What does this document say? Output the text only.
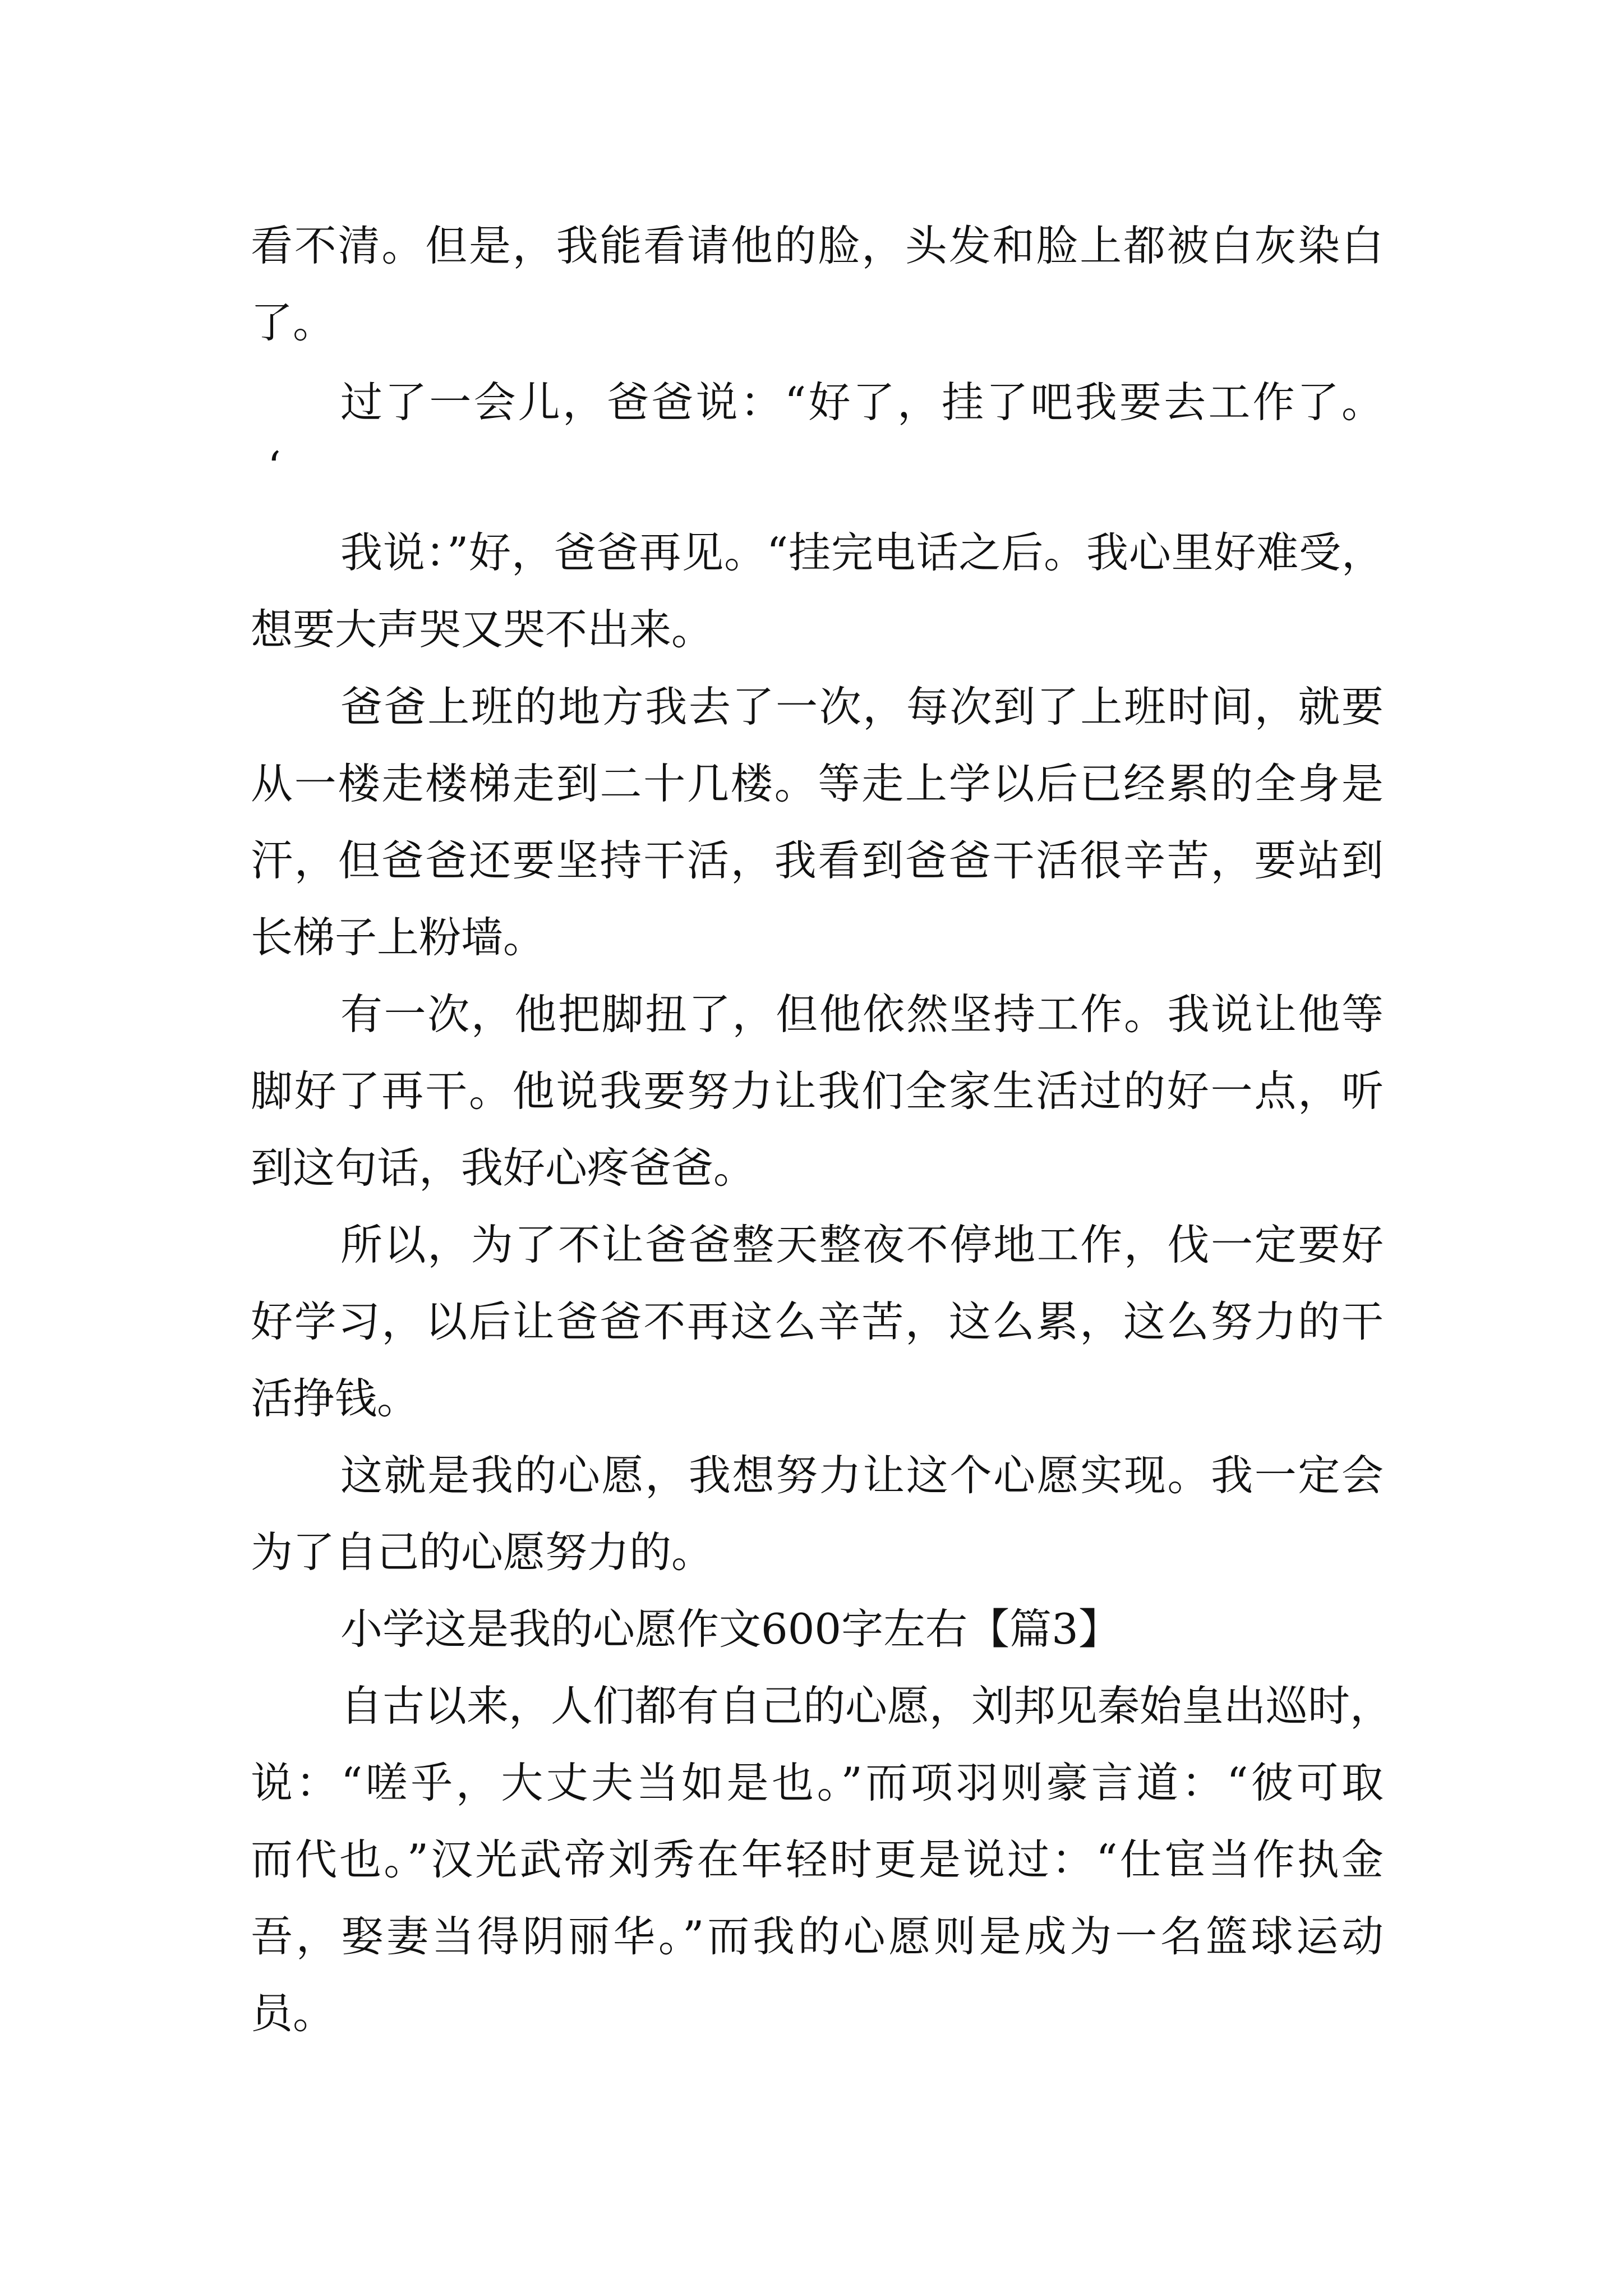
看不清。但是，我能看请他的脸，头发和脸上都被白灰染白
了。
过了一会儿，爸爸说：“好了，挂了吧我要去工作了。
‘
我说：”好，爸爸再见。“挂完电话之后。我心里好难受，
想要大声哭又哭不出来。
爸爸上班的地方我去了一次，每次到了上班时间，就要
从一楼走楼梯走到二十几楼。等走上学以后已经累的全身是
汗，但爸爸还要坚持干活，我看到爸爸干活很辛苦，要站到
长梯子上粉墙。
有一次，他把脚扭了，但他依然坚持工作。我说让他等
脚好了再干。他说我要努力让我们全家生活过的好一点，听
到这句话，我好心疼爸爸。
所以，为了不让爸爸整天整夜不停地工作，伐一定要好
好学习，以后让爸爸不再这么辛苦，这么累，这么努力的干
活挣钱。
这就是我的心愿，我想努力让这个心愿实现。我一定会
为了自己的心愿努力的。
小学这是我的心愿作文600字左右【篇3】
自古以来，人们都有自己的心愿，刘邦见秦始皇出巡时，
说：“嗟乎，大丈夫当如是也。”而项羽则豪言道：“彼可取
而代也。”汉光武帝刘秀在年轻时更是说过：“仕宦当作执金
吾，娶妻当得阴丽华。”而我的心愿则是成为一名篮球运动
员。
